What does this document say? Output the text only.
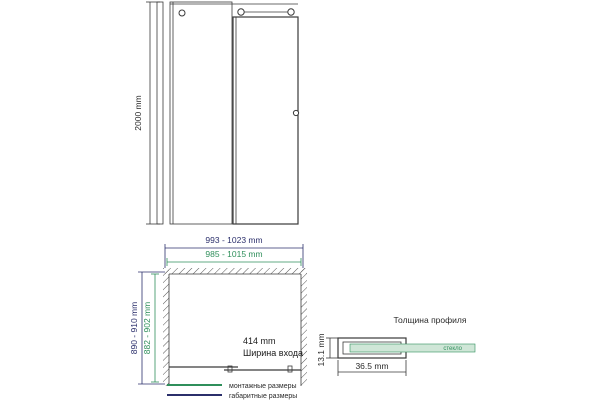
2000 mm
993 - 1023 mm
985 - 1015 mm
890 - 910 mm 882 - 902 mm	414 mm
Ширина входа
монтажные размеры
габаритные размеры
Толщина профиля
стекло
13.1 mm	36.5 mm
